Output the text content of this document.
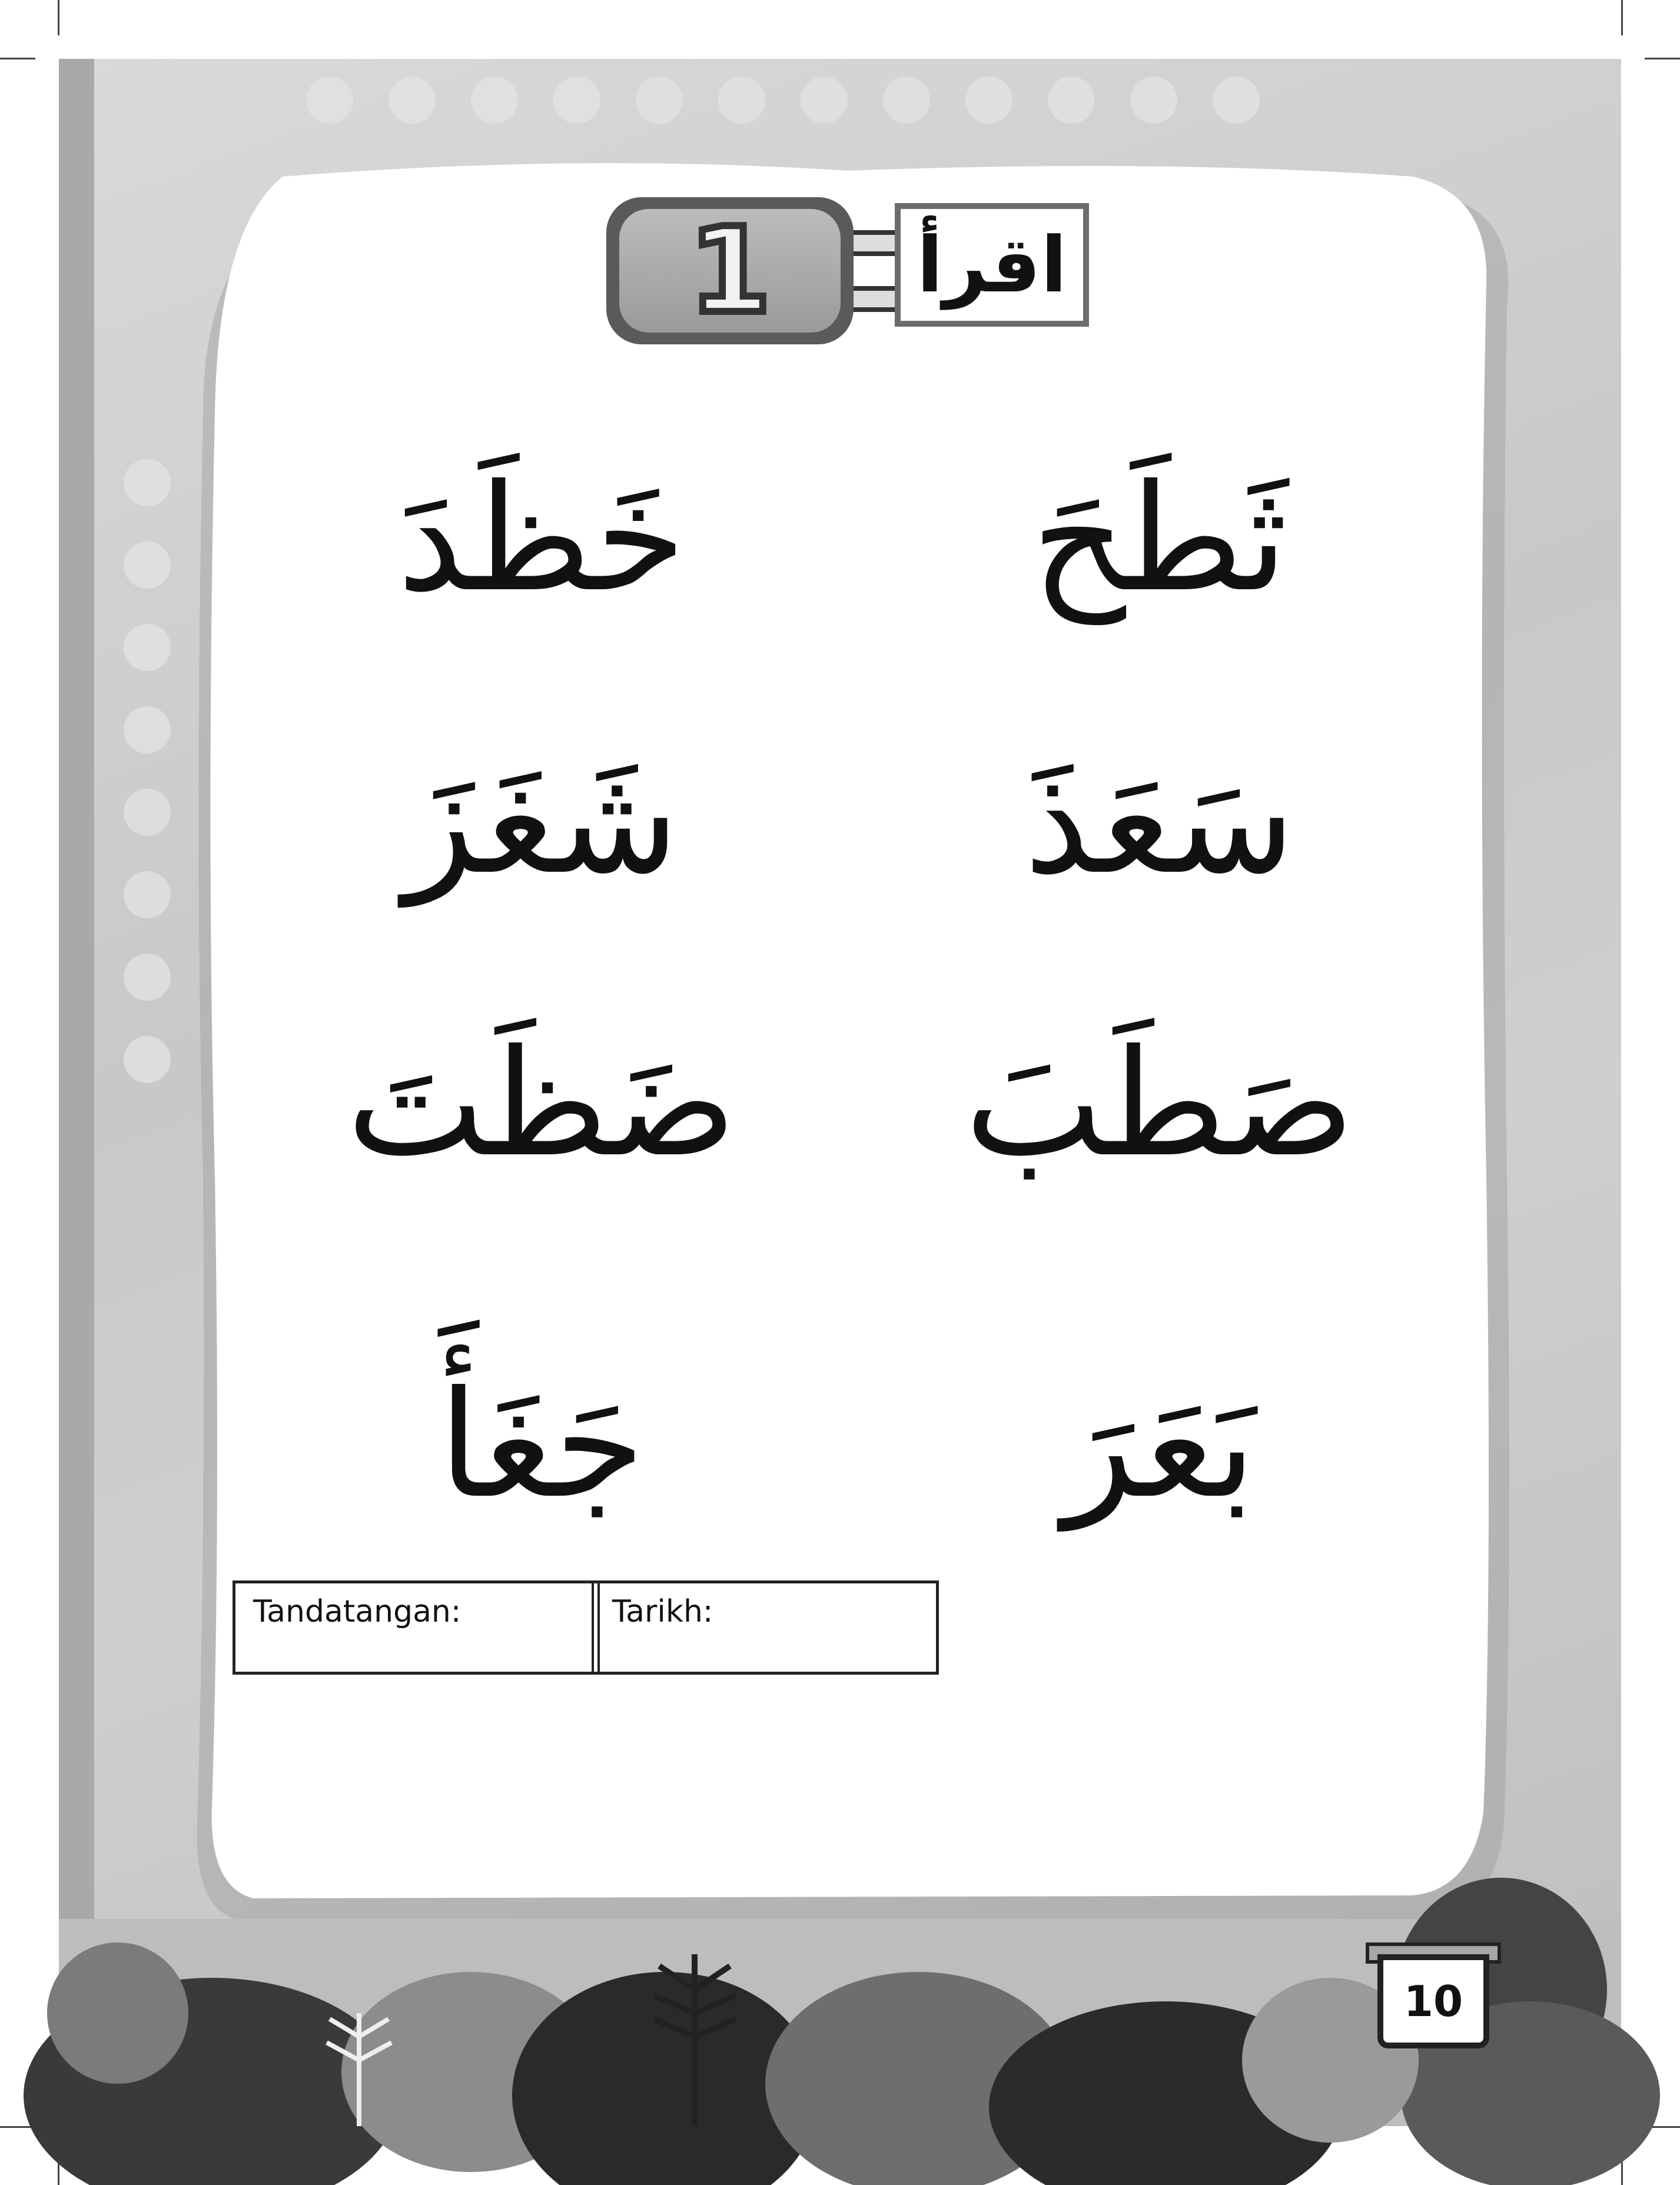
1	اقرأ
ثَطَحَ
خَظَدَ
سَعَذَ
شَغَزَ
صَطَبَ
ضَظَتَ
بَعَرَ
جَغَأَ
Tandatangan:	Tarikh:
10
